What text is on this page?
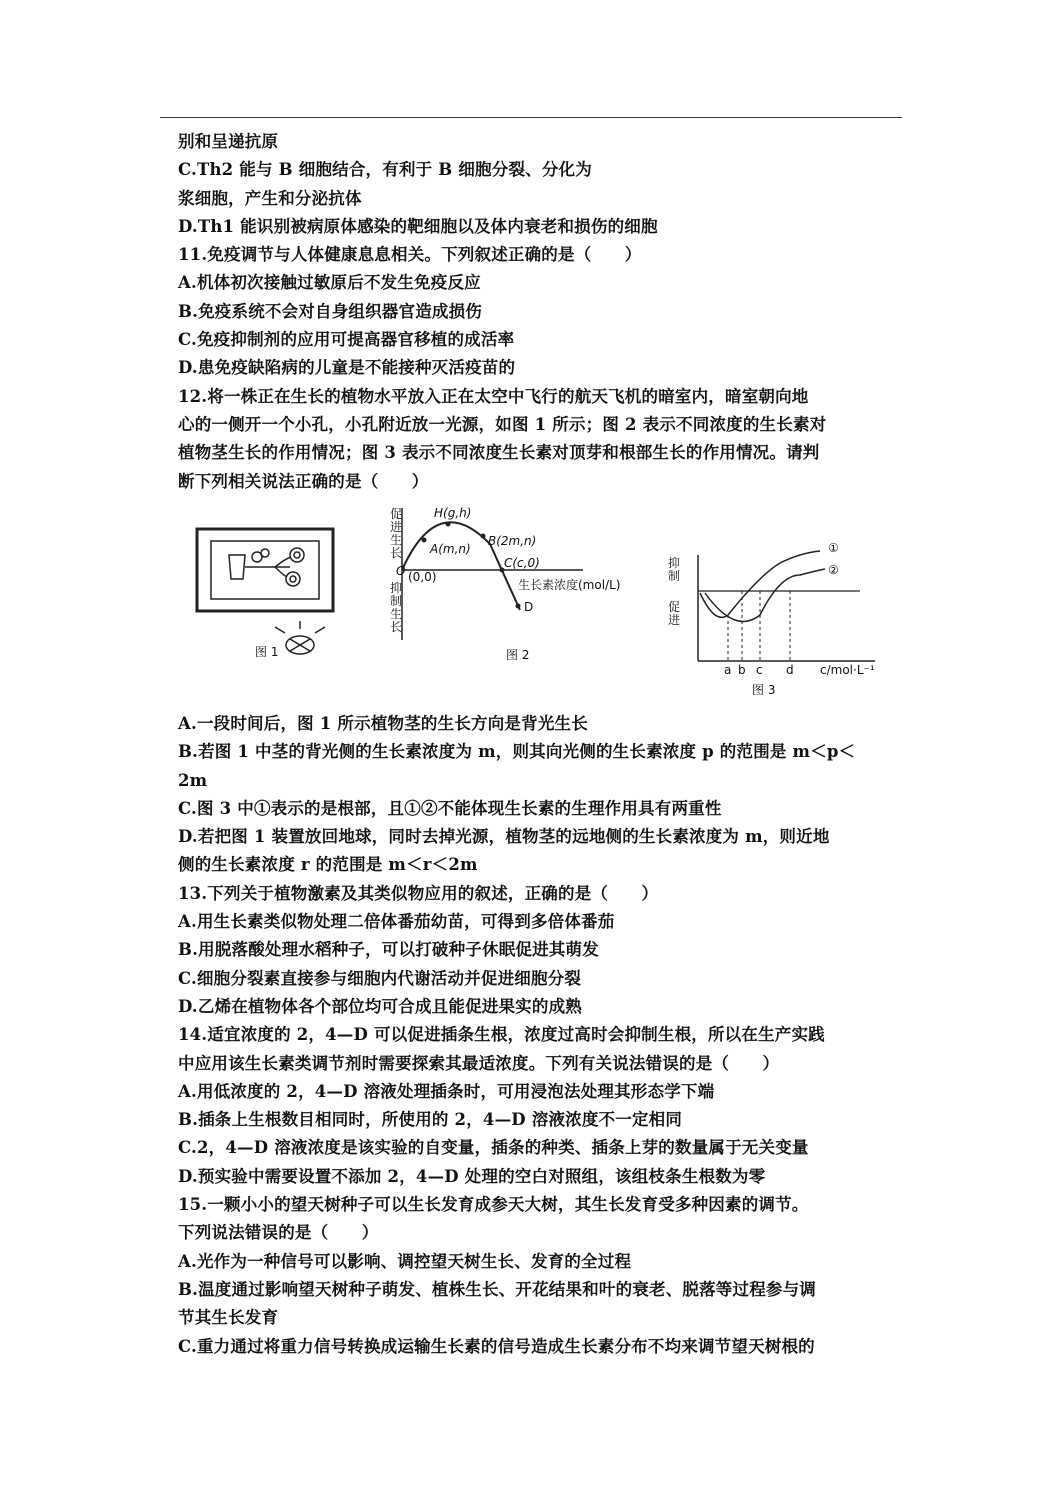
别和呈递抗原

C.Th2 能与 B 细胞结合，有利于 B 细胞分裂、分化为

浆细胞，产生和分泌抗体

D.Th1 能识别被病原体感染的靶细胞以及体内衰老和损伤的细胞

11.免疫调节与人体健康息息相关。下列叙述正确的是（　　）

A.机体初次接触过敏原后不发生免疫反应

B.免疫系统不会对自身组织器官造成损伤

C.免疫抑制剂的应用可提高器官移植的成活率

D.患免疫缺陷病的儿童是不能接种灭活疫苗的

12.将一株正在生长的植物水平放入正在太空中飞行的航天飞机的暗室内，暗室朝向地

心的一侧开一个小孔，小孔附近放一光源，如图 1 所示；图 2 表示不同浓度的生长素对

植物茎生长的作用情况；图 3 表示不同浓度生长素对顶芽和根部生长的作用情况。请判

断下列相关说法正确的是（　　）

图 1
促进生长
抑制生长
O (0,0)
H(g,h)
A(m,n)
B(2m,n)
C(c,0)
生长素浓度(mol/L)
D
图 2
抑制
促进
①
②
a b c d c/mol·L⁻¹
图 3

A.一段时间后，图 1 所示植物茎的生长方向是背光生长

B.若图 1 中茎的背光侧的生长素浓度为 m，则其向光侧的生长素浓度 p 的范围是 m＜p＜

2m

C.图 3 中①表示的是根部，且①②不能体现生长素的生理作用具有两重性

D.若把图 1 装置放回地球，同时去掉光源，植物茎的远地侧的生长素浓度为 m，则近地

侧的生长素浓度 r 的范围是 m＜r＜2m

13.下列关于植物激素及其类似物应用的叙述，正确的是（　　）

A.用生长素类似物处理二倍体番茄幼苗，可得到多倍体番茄

B.用脱落酸处理水稻种子，可以打破种子休眠促进其萌发

C.细胞分裂素直接参与细胞内代谢活动并促进细胞分裂

D.乙烯在植物体各个部位均可合成且能促进果实的成熟

14.适宜浓度的 2，4—D 可以促进插条生根，浓度过高时会抑制生根，所以在生产实践

中应用该生长素类调节剂时需要探索其最适浓度。下列有关说法错误的是（　　）

A.用低浓度的 2，4—D 溶液处理插条时，可用浸泡法处理其形态学下端

B.插条上生根数目相同时，所使用的 2，4—D 溶液浓度不一定相同

C.2，4—D 溶液浓度是该实验的自变量，插条的种类、插条上芽的数量属于无关变量

D.预实验中需要设置不添加 2，4—D 处理的空白对照组，该组枝条生根数为零

15.一颗小小的望天树种子可以生长发育成参天大树，其生长发育受多种因素的调节。

下列说法错误的是（　　）

A.光作为一种信号可以影响、调控望天树生长、发育的全过程

B.温度通过影响望天树种子萌发、植株生长、开花结果和叶的衰老、脱落等过程参与调

节其生长发育

C.重力通过将重力信号转换成运输生长素的信号造成生长素分布不均来调节望天树根的
